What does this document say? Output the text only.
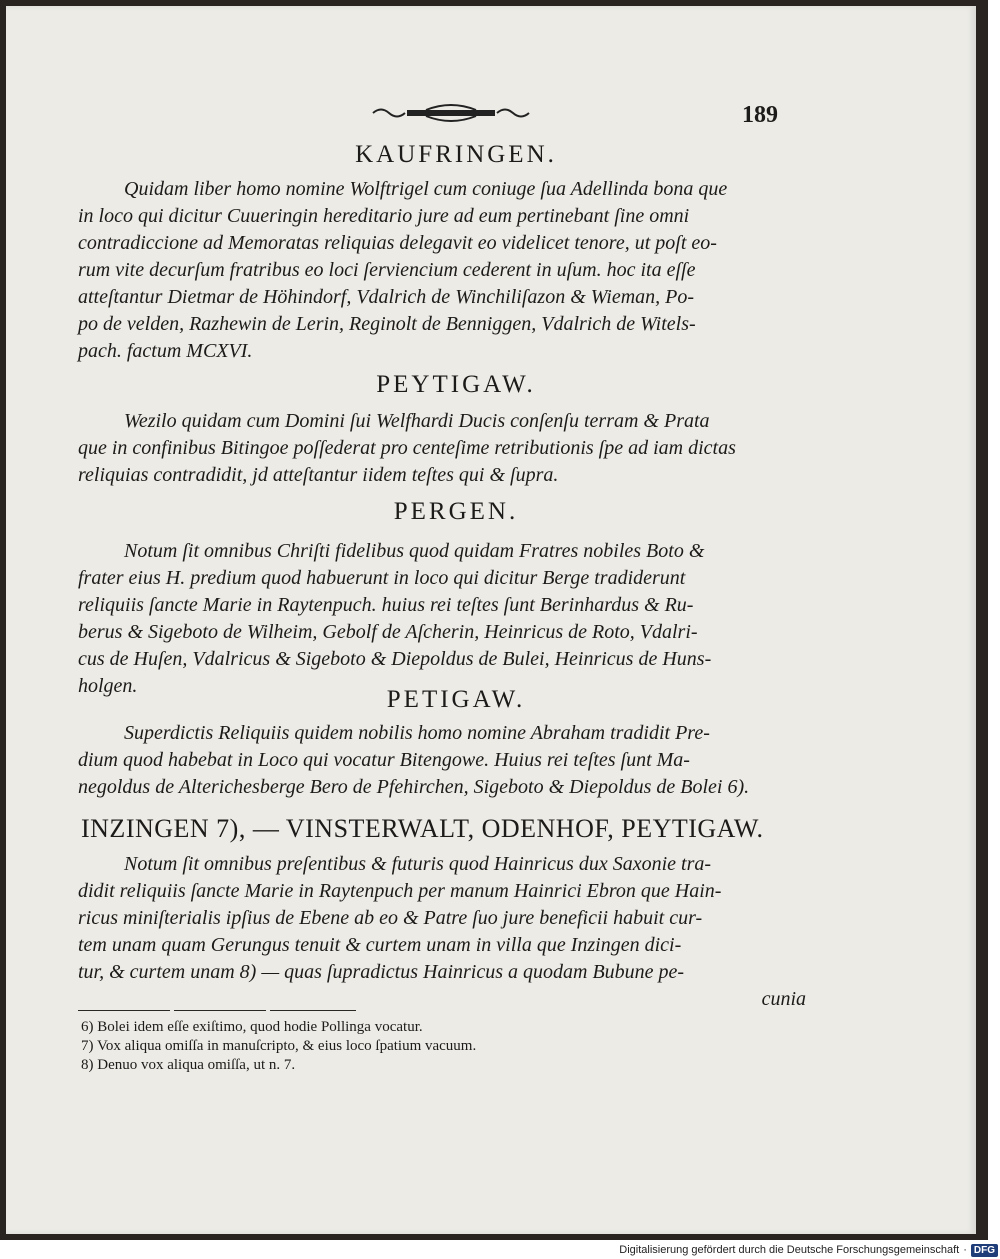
189
KAUFRINGEN.

Quidam liber homo nomine Wolftrigel cum coniuge ſua Adellinda bona que
in loco qui dicitur Cuueringin hereditario jure ad eum pertinebant ſine omni
contradiccione ad Memoratas reliquias delegavit eo videlicet tenore, ut poſt eo-
rum vite decurſum fratribus eo loci ſerviencium cederent in uſum. hoc ita eſſe
atteſtantur Dietmar de Höhindorf, Vdalrich de Winchiliſazon & Wieman, Po-
po de velden, Razhewin de Lerin, Reginolt de Benniggen, Vdalrich de Witels-
pach. factum MCXVI.

PEYTIGAW.

Wezilo quidam cum Domini ſui Welfhardi Ducis conſenſu terram & Prata
que in confinibus Bitingoe poſſederat pro centeſime retributionis ſpe ad iam dictas
reliquias contradidit, jd atteſtantur iidem teſtes qui & ſupra.

PERGEN.

Notum ſit omnibus Chriſti fidelibus quod quidam Fratres nobiles Boto &
frater eius H. predium quod habuerunt in loco qui dicitur Berge tradiderunt
reliquiis ſancte Marie in Raytenpuch. huius rei teſtes ſunt Berinhardus & Ru-
berus & Sigeboto de Wilheim, Gebolf de Aſcherin, Heinricus de Roto, Vdalri-
cus de Huſen, Vdalricus & Sigeboto & Diepoldus de Bulei, Heinricus de Huns-
holgen.	PETIGAW.

Superdictis Reliquiis quidem nobilis homo nomine Abraham tradidit Pre-
dium quod habebat in Loco qui vocatur Bitengowe. Huius rei teſtes ſunt Ma-
negoldus de Alterichesberge Bero de Pfehirchen, Sigeboto & Diepoldus de Bolei 6).

INZINGEN 7), — VINSTERWALT, ODENHOF, PEYTIGAW.

Notum ſit omnibus preſentibus & futuris quod Hainricus dux Saxonie tra-
didit reliquiis ſancte Marie in Raytenpuch per manum Hainrici Ebron que Hain-
ricus miniſterialis ipſius de Ebene ab eo & Patre ſuo jure beneficii habuit cur-
tem unam quam Gerungus tenuit & curtem unam in villa que Inzingen dici-
tur, & curtem unam 8) — quas ſupradictus Hainricus a quodam Bubune pe-
cunia

6) Bolei idem eſſe exiſtimo, quod hodie Pollinga vocatur.
7) Vox aliqua omiſſa in manuſcripto, & eius loco ſpatium vacuum.
8) Denuo vox aliqua omiſſa, ut n. 7.
Digitalisierung gefördert durch die Deutsche Forschungsgemeinschaft · DFG
